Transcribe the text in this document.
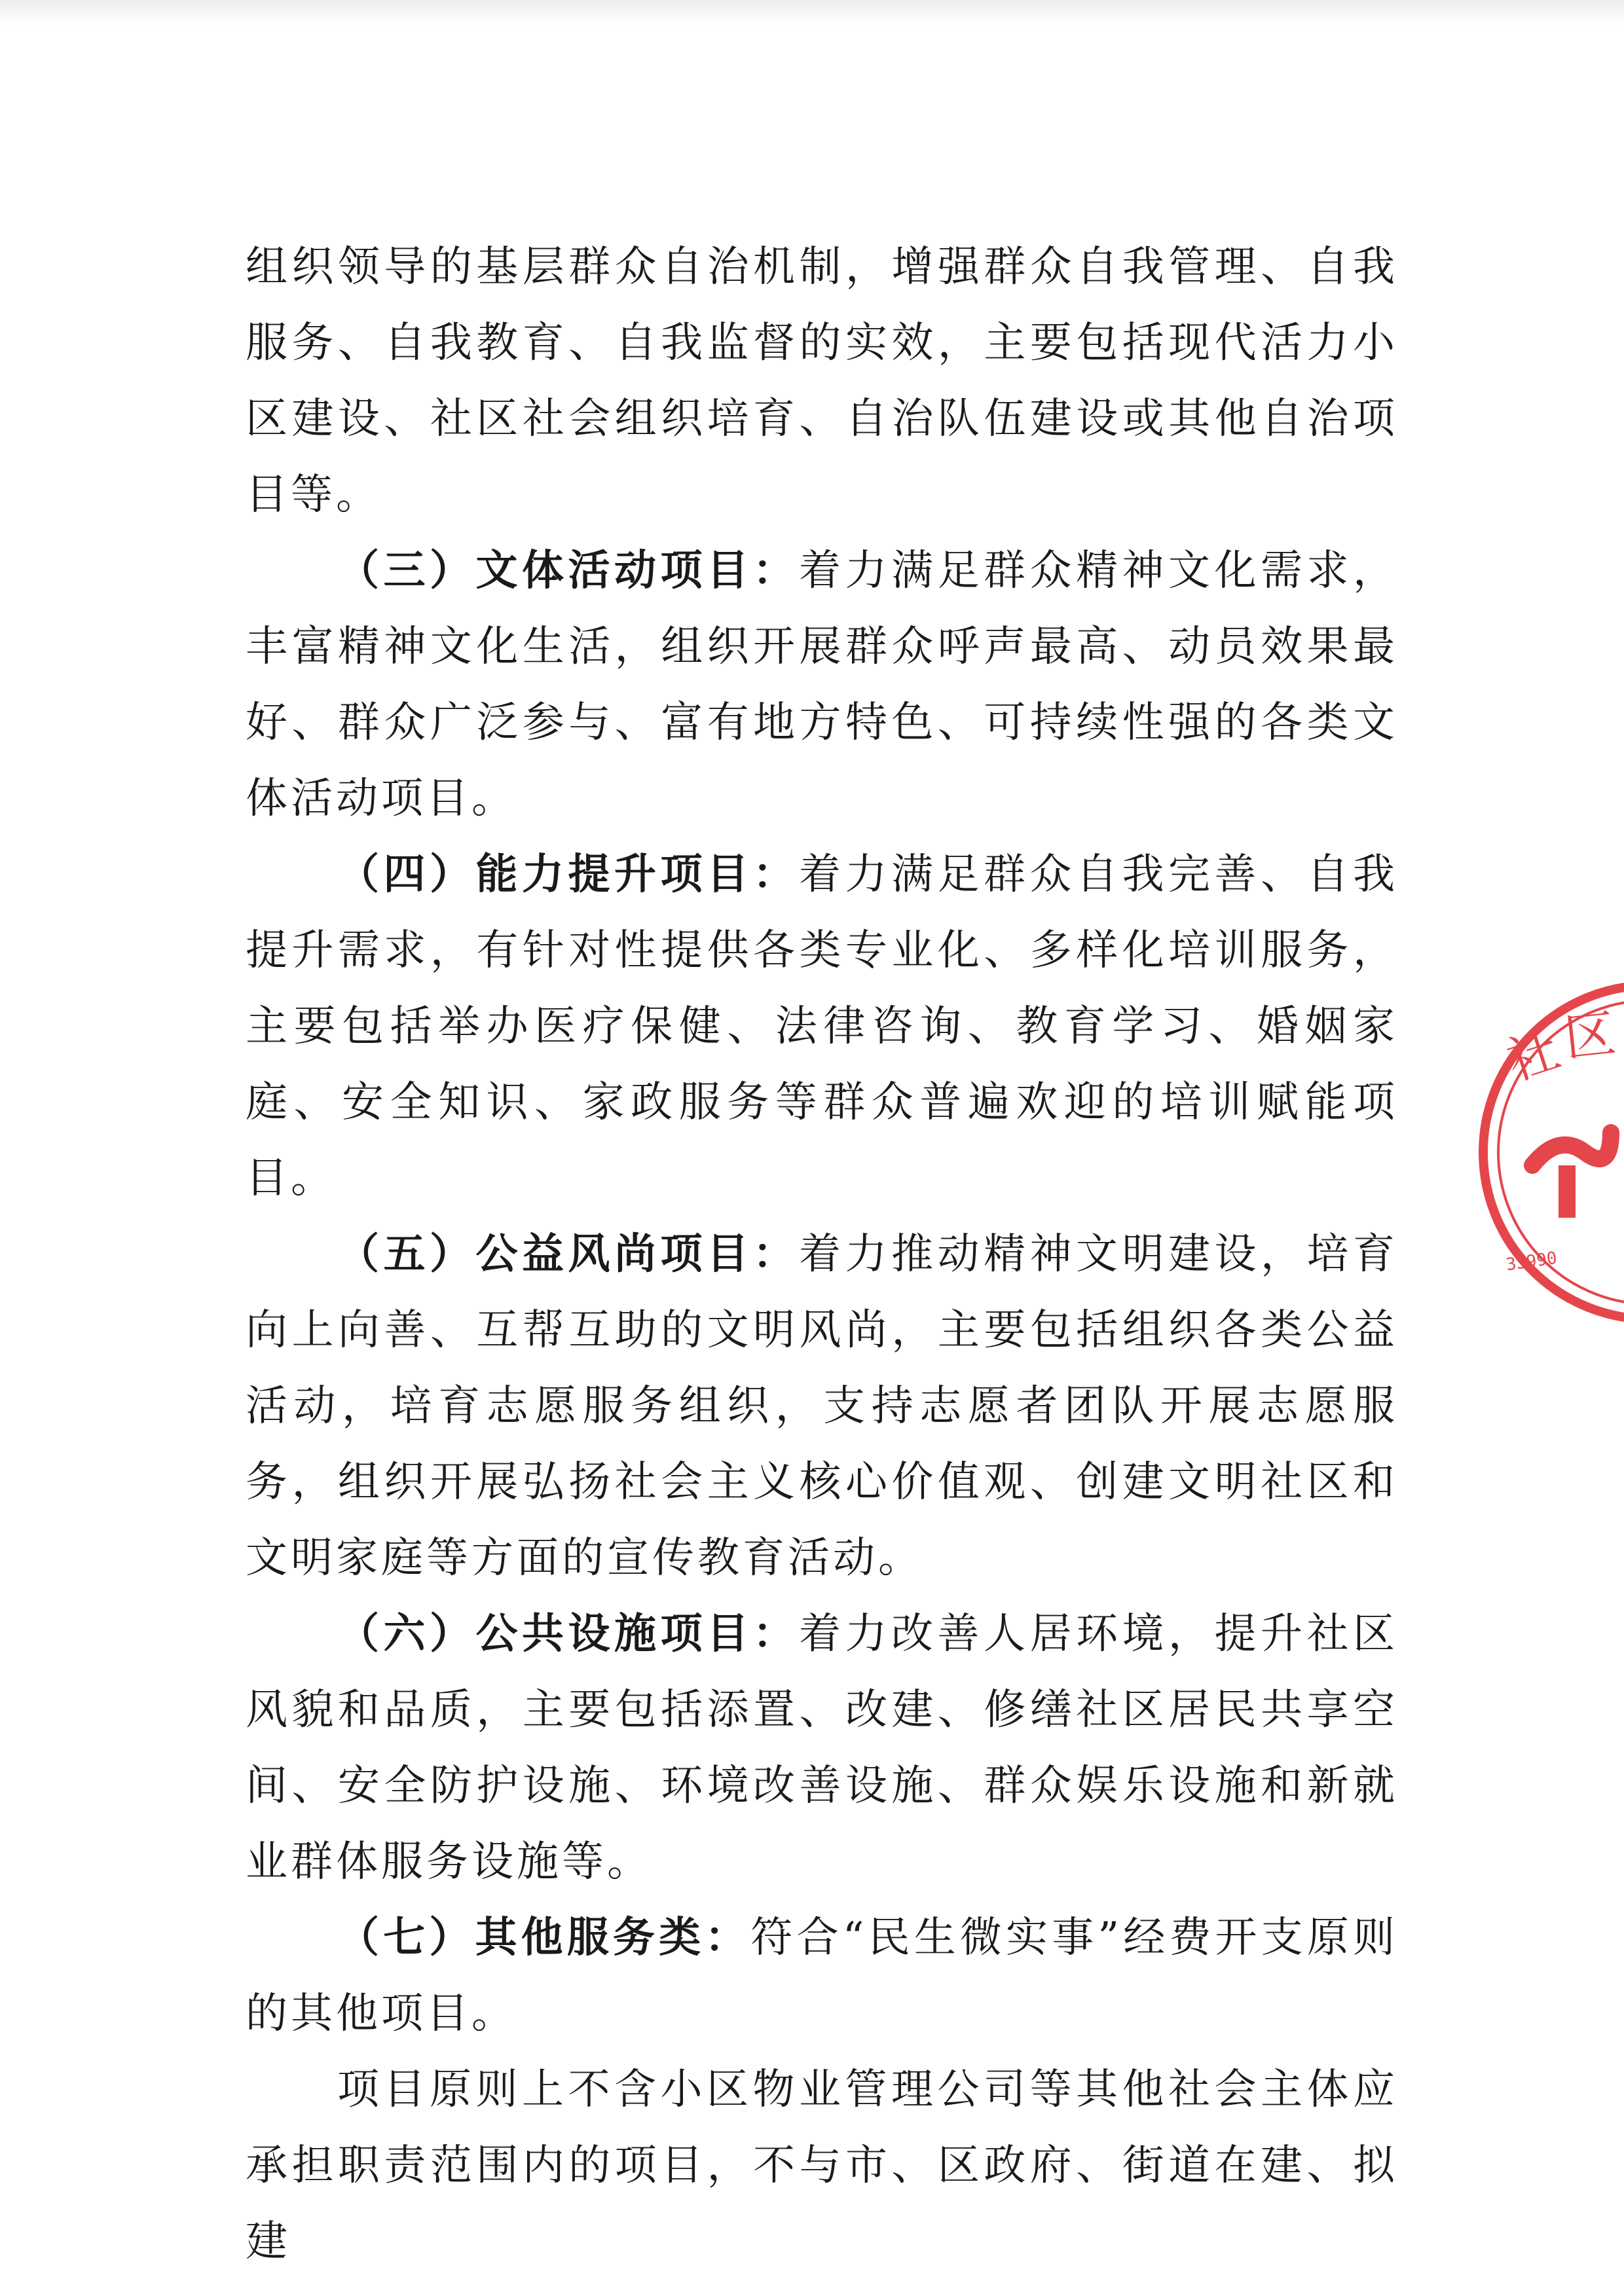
组织领导的基层群众自治机制，增强群众自我管理、自我服务、自我教育、自我监督的实效，主要包括现代活力小区建设、社区社会组织培育、自治队伍建设或其他自治项目等。

（三）文体活动项目：着力满足群众精神文化需求，丰富精神文化生活，组织开展群众呼声最高、动员效果最好、群众广泛参与、富有地方特色、可持续性强的各类文体活动项目。

（四）能力提升项目：着力满足群众自我完善、自我提升需求，有针对性提供各类专业化、多样化培训服务，主要包括举办医疗保健、法律咨询、教育学习、婚姻家庭、安全知识、家政服务等群众普遍欢迎的培训赋能项目。

（五）公益风尚项目：着力推动精神文明建设，培育向上向善、互帮互助的文明风尚，主要包括组织各类公益活动，培育志愿服务组织，支持志愿者团队开展志愿服务，组织开展弘扬社会主义核心价值观、创建文明社区和文明家庭等方面的宣传教育活动。

（六）公共设施项目：着力改善人居环境，提升社区风貌和品质，主要包括添置、改建、修缮社区居民共享空间、安全防护设施、环境改善设施、群众娱乐设施和新就业群体服务设施等。

（七）其他服务类：符合“民生微实事”经费开支原则的其他项目。

项目原则上不含小区物业管理公司等其他社会主体应承担职责范围内的项目，不与市、区政府、街道在建、拟建

社
区
33990
